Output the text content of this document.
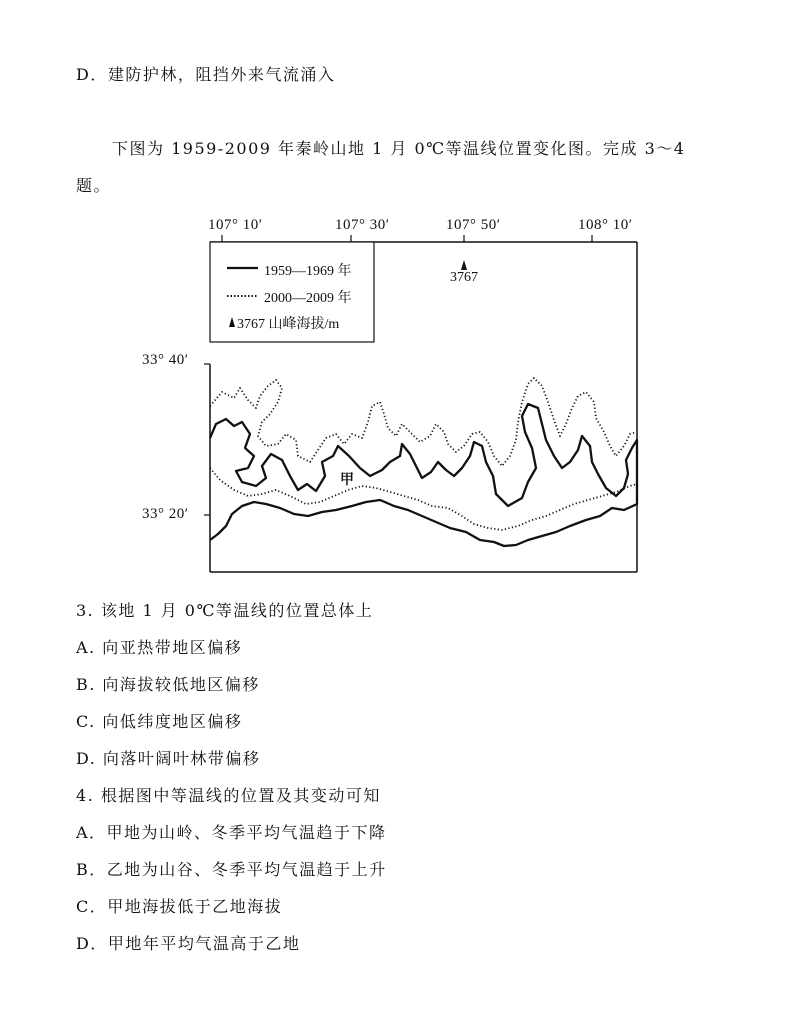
D．建防护林，阻挡外来气流涌入
下图为 1959-2009 年秦岭山地 1 月 0℃等温线位置变化图。完成 3～4
题。
107° 10′	107° 30′	107° 50′	108° 10′
33° 40′
33° 20′
1959—1969 年
2000—2009 年
3767 山峰海拔/m
3767
甲
3. 该地 1 月 0℃等温线的位置总体上
A. 向亚热带地区偏移
B. 向海拔较低地区偏移
C. 向低纬度地区偏移
D. 向落叶阔叶林带偏移
4. 根据图中等温线的位置及其变动可知
A．甲地为山岭、冬季平均气温趋于下降
B．乙地为山谷、冬季平均气温趋于上升
C．甲地海拔低于乙地海拔
D．甲地年平均气温高于乙地
